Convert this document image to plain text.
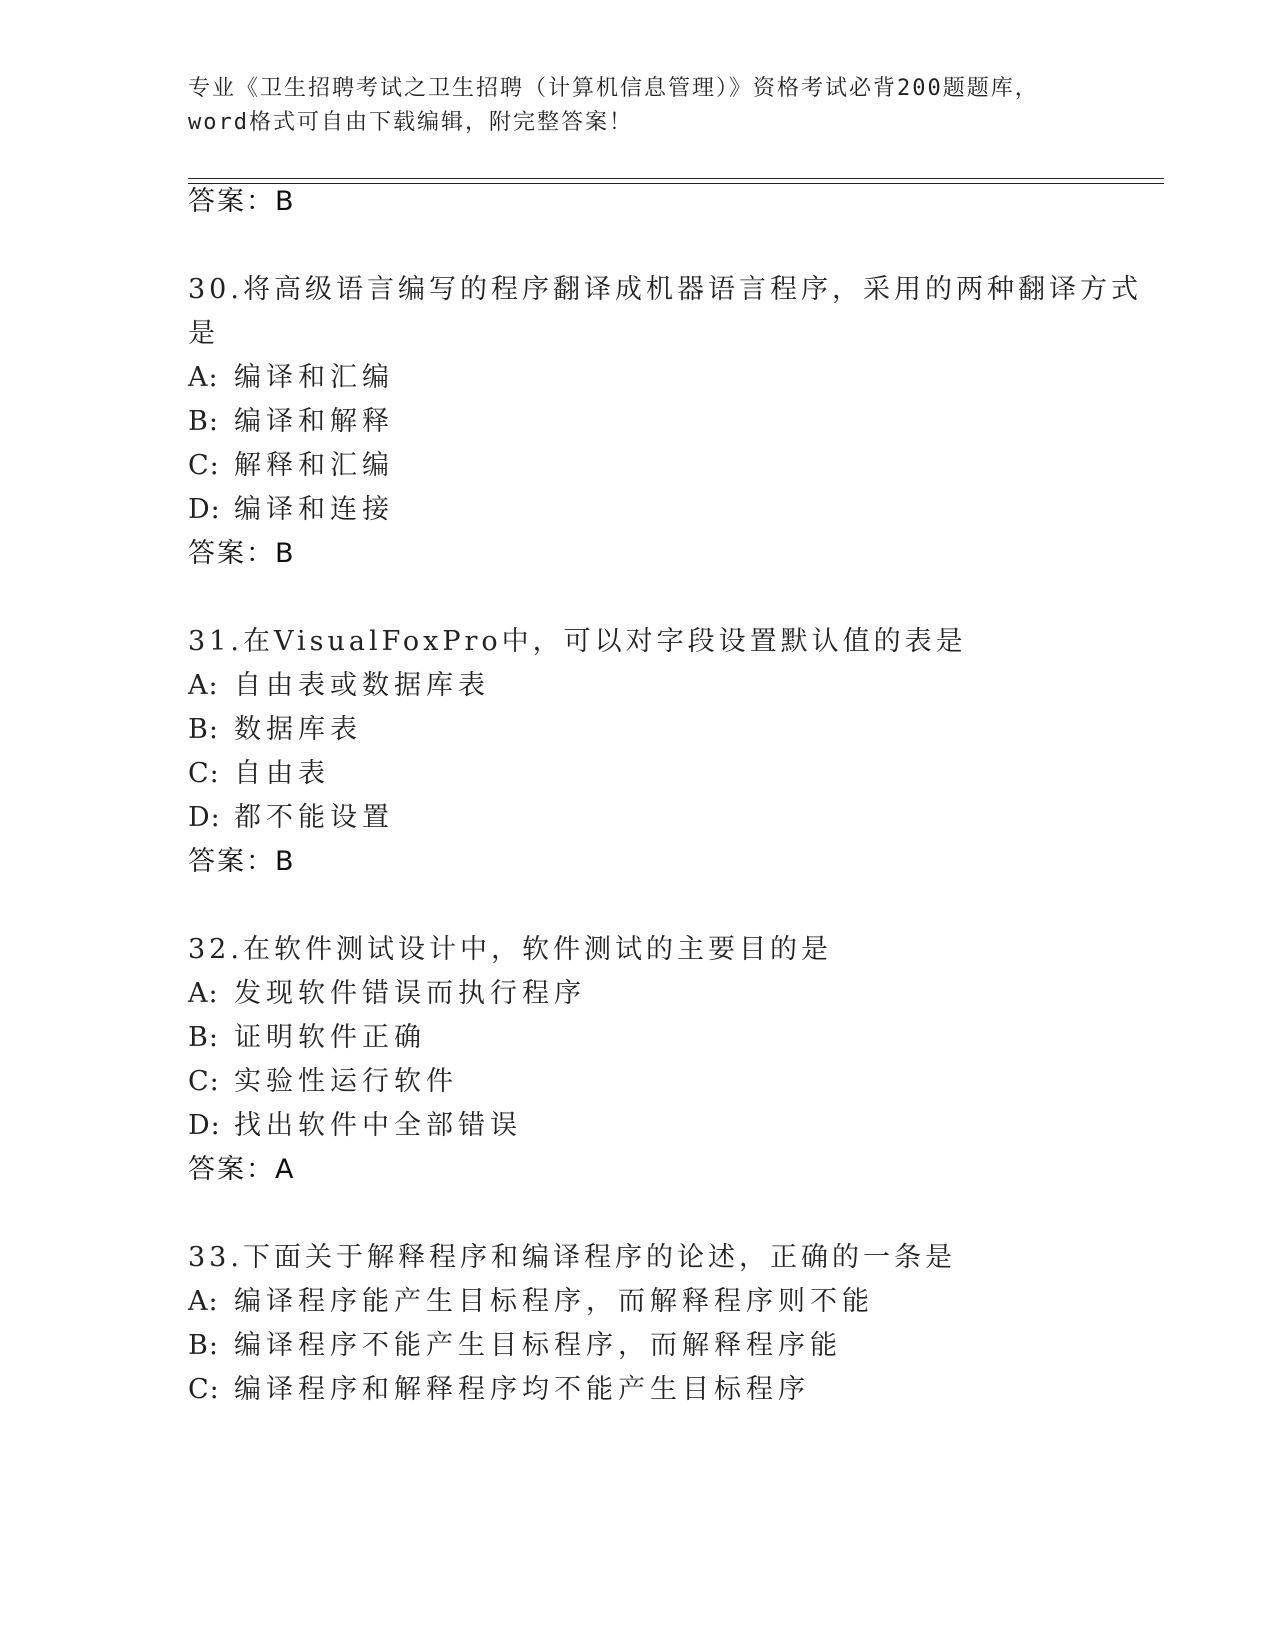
专业《卫生招聘考试之卫生招聘（计算机信息管理）》资格考试必背200题题库，
word格式可自由下载编辑，附完整答案！
答案：B
30.将高级语言编写的程序翻译成机器语言程序，采用的两种翻译方式
是
A: 编译和汇编
B: 编译和解释
C: 解释和汇编
D: 编译和连接
答案：B
31.在VisualFoxPro中，可以对字段设置默认值的表是
A: 自由表或数据库表
B: 数据库表
C: 自由表
D: 都不能设置
答案：B
32.在软件测试设计中，软件测试的主要目的是
A: 发现软件错误而执行程序
B: 证明软件正确
C: 实验性运行软件
D: 找出软件中全部错误
答案：A
33.下面关于解释程序和编译程序的论述，正确的一条是
A: 编译程序能产生目标程序，而解释程序则不能
B: 编译程序不能产生目标程序，而解释程序能
C: 编译程序和解释程序均不能产生目标程序
